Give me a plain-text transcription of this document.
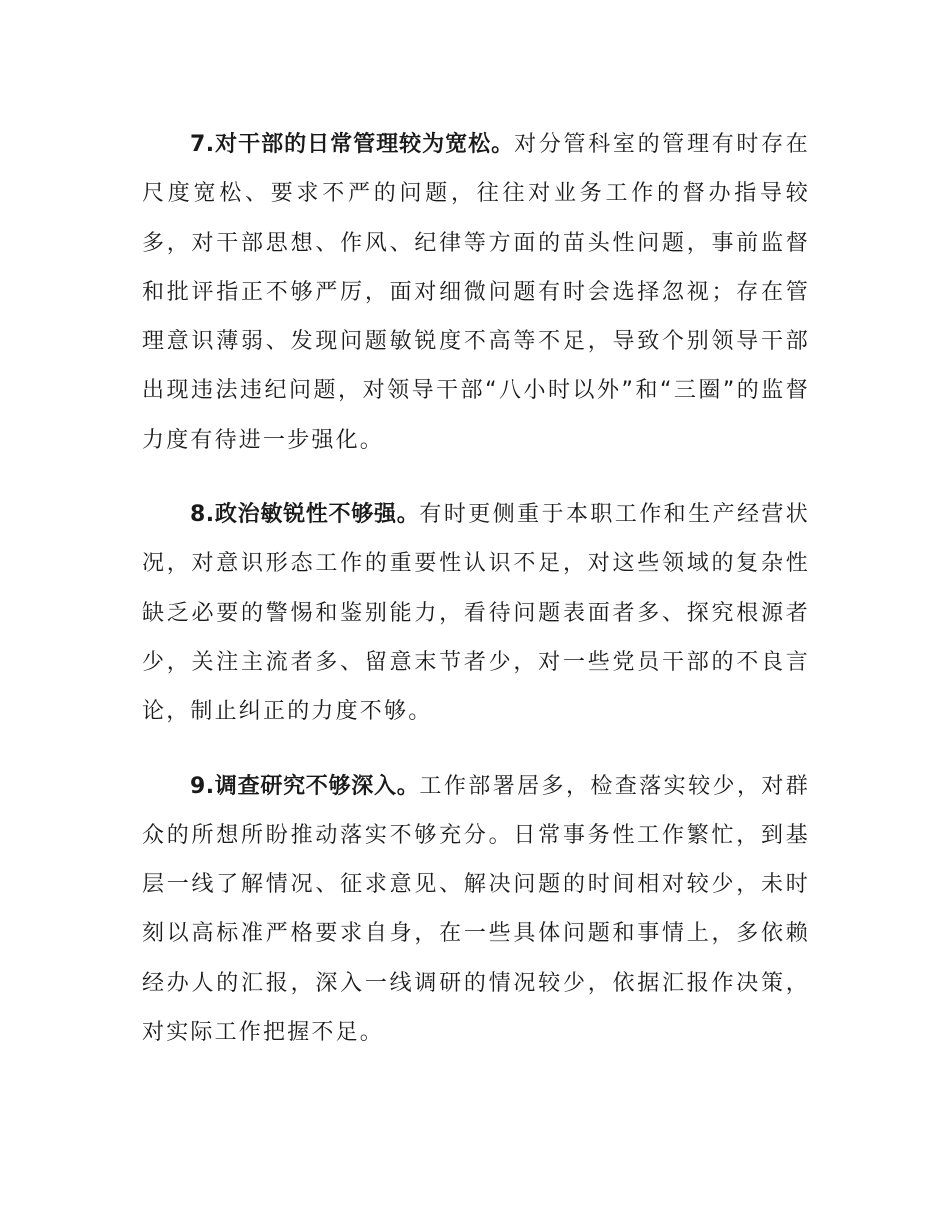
7.对干部的日常管理较为宽松。对分管科室的管理有时存在尺度宽松、要求不严的问题，往往对业务工作的督办指导较多，对干部思想、作风、纪律等方面的苗头性问题，事前监督和批评指正不够严厉，面对细微问题有时会选择忽视；存在管理意识薄弱、发现问题敏锐度不高等不足，导致个别领导干部出现违法违纪问题，对领导干部“八小时以外”和“三圈”的监督力度有待进一步强化。

8.政治敏锐性不够强。有时更侧重于本职工作和生产经营状况，对意识形态工作的重要性认识不足，对这些领域的复杂性缺乏必要的警惕和鉴别能力，看待问题表面者多、探究根源者少，关注主流者多、留意末节者少，对一些党员干部的不良言论，制止纠正的力度不够。

9.调查研究不够深入。工作部署居多，检查落实较少，对群众的所想所盼推动落实不够充分。日常事务性工作繁忙，到基层一线了解情况、征求意见、解决问题的时间相对较少，未时刻以高标准严格要求自身，在一些具体问题和事情上，多依赖经办人的汇报，深入一线调研的情况较少，依据汇报作决策，对实际工作把握不足。
